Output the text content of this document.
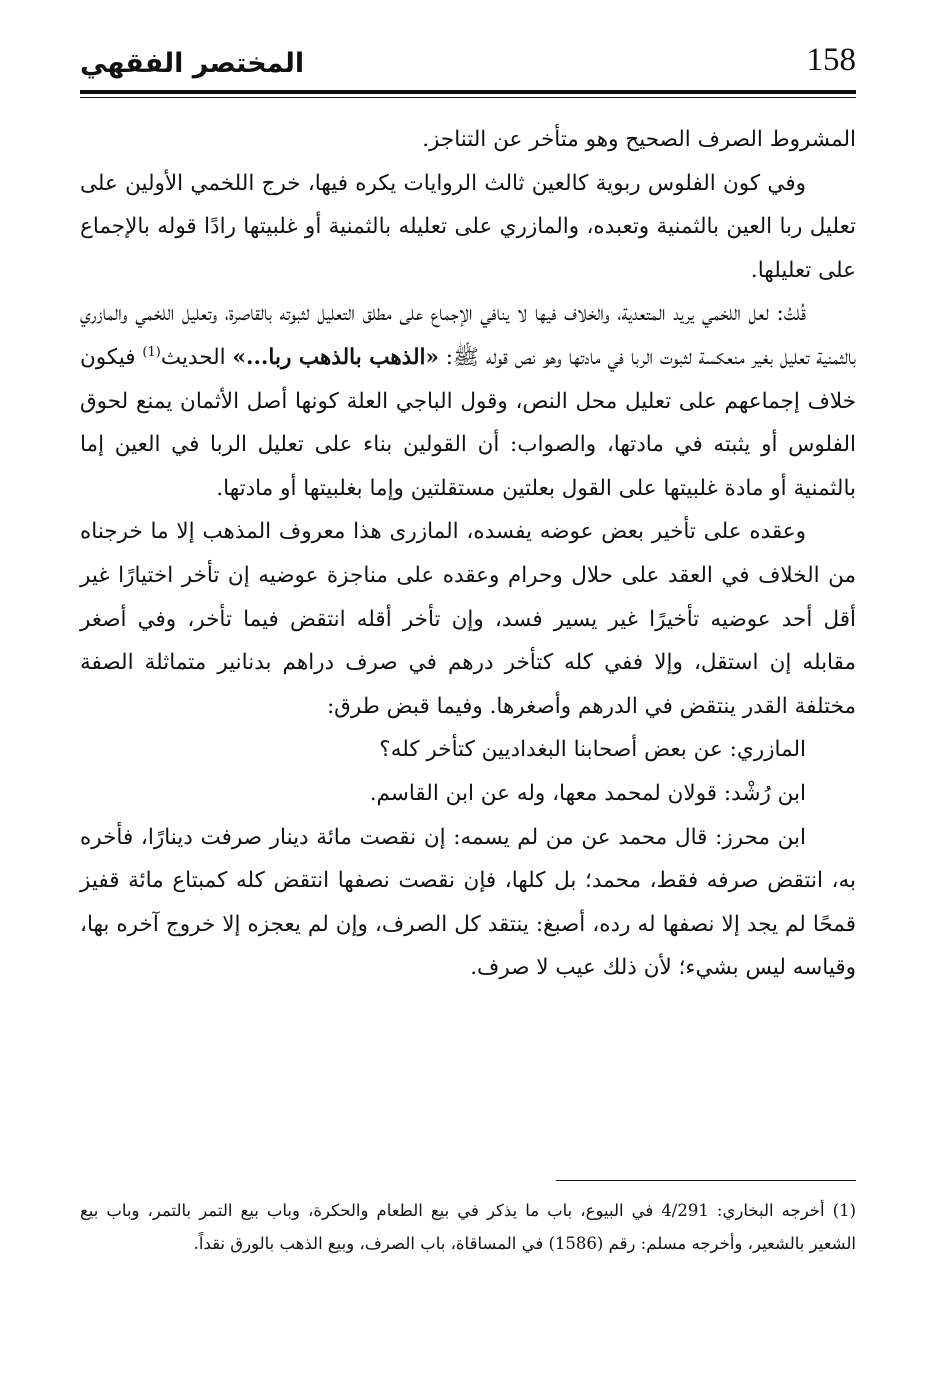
158
المختصر الفقهي

المشروط الصرف الصحيح وهو متأخر عن التناجز.

وفي كون الفلوس ربوية كالعين ثالث الروايات يكره فيها، خرج اللخمي الأولين على تعليل ربا العين بالثمنية وتعبده، والمازري على تعليله بالثمنية أو غلبيتها رادًا قوله بالإجماع على تعليلها.

قُلتُ: لعل اللخمي يريد المتعدية، والخلاف فيها لا ينافي الإجماع على مطلق التعليل لثبوته بالقاصرة، وتعليل اللخمي والمازري بالثمنية تعليل بغير منعكسة لثبوت الربا في مادتها وهو نص قوله ﷺ: «الذهب بالذهب ربا...» الحديث$^{(1)}$ فيكون خلاف إجماعهم على تعليل محل النص، وقول الباجي العلة كونها أصل الأثمان يمنع لحوق الفلوس أو يثبته في مادتها، والصواب: أن القولين بناء على تعليل الربا في العين إما بالثمنية أو مادة غلبيتها على القول بعلتين مستقلتين وإما بغلبيتها أو مادتها.

وعقده على تأخير بعض عوضه يفسده، المازرى هذا معروف المذهب إلا ما خرجناه من الخلاف في العقد على حلال وحرام وعقده على مناجزة عوضيه إن تأخر اختيارًا غير أقل أحد عوضيه تأخيرًا غير يسير فسد، وإن تأخر أقله انتقض فيما تأخر، وفي أصغر مقابله إن استقل، وإلا ففي كله كتأخر درهم في صرف دراهم بدنانير متماثلة الصفة مختلفة القدر ينتقض في الدرهم وأصغرها. وفيما قبض طرق:

المازري: عن بعض أصحابنا البغداديين كتأخر كله؟

ابن رُشْد: قولان لمحمد معها، وله عن ابن القاسم.

ابن محرز: قال محمد عن من لم يسمه: إن نقصت مائة دينار صرفت دينارًا، فأخره به، انتقض صرفه فقط، محمد؛ بل كلها، فإن نقصت نصفها انتقض كله كمبتاع مائة قفيز قمحًا لم يجد إلا نصفها له رده، أصبغ: ينتقد كل الصرف، وإن لم يعجزه إلا خروج آخره بها، وقياسه ليس بشيء؛ لأن ذلك عيب لا صرف.

(1) أخرجه البخاري: 4/291 في البيوع، باب ما يذكر في بيع الطعام والحكرة، وباب بيع التمر بالتمر، وباب بيع الشعير بالشعير، وأخرجه مسلم: رقم (1586) في المساقاة، باب الصرف، وبيع الذهب بالورق نقداً.
